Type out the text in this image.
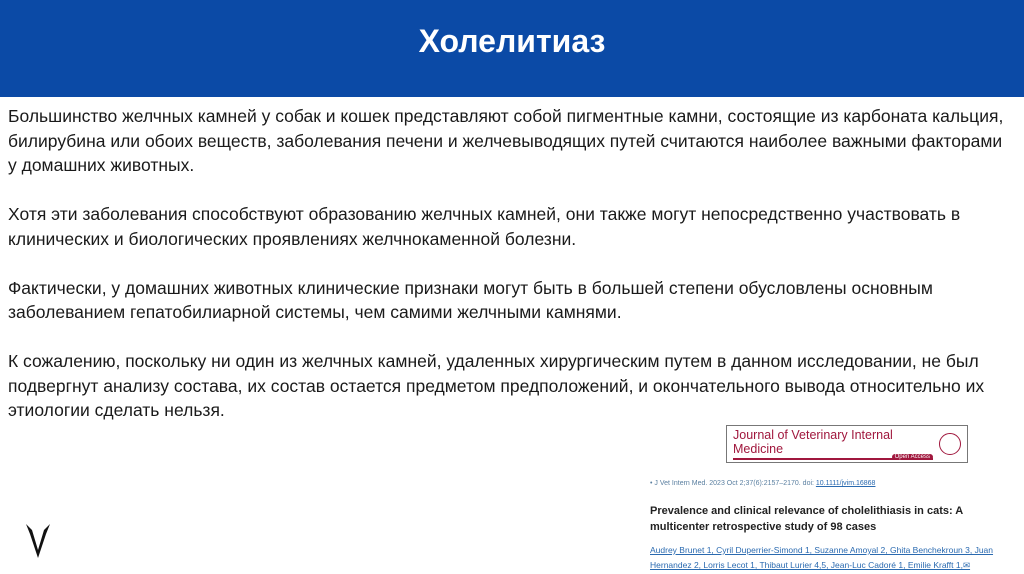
Холелитиаз

Большинство желчных камней у собак и кошек представляют собой пигментные камни, состоящие из карбоната кальция, билирубина или обоих веществ, заболевания печени и желчевыводящих путей считаются наиболее важными факторами у домашних животных.

Хотя эти заболевания способствуют образованию желчных камней, они также могут непосредственно участвовать в клинических и биологических проявлениях желчнокаменной болезни.

Фактически, у домашних животных клинические признаки могут быть в большей степени обусловлены основным заболеванием гепатобилиарной системы, чем самими желчными камнями.

К сожалению, поскольку ни один из желчных камней, удаленных хирургическим путем в данном исследовании, не был подвергнут анализу состава, их состав остается предметом предположений, и окончательного вывода относительно их этиологии сделать нельзя.

Journal of Veterinary Internal Medicine
Open Access
• J Vet Intern Med. 2023 Oct 2;37(6):2157–2170. doi: 10.1111/jvim.16868
Prevalence and clinical relevance of cholelithiasis in cats: A multicenter retrospective study of 98 cases
Audrey Brunet 1, Cyril Duperrier-Simond 1, Suzanne Amoyal 2, Ghita Benchekroun 3, Juan Hernandez 2, Lorris Lecot 1, Thibaut Lurier 4,5, Jean-Luc Cadoré 1, Emilie Krafft 1,✉
